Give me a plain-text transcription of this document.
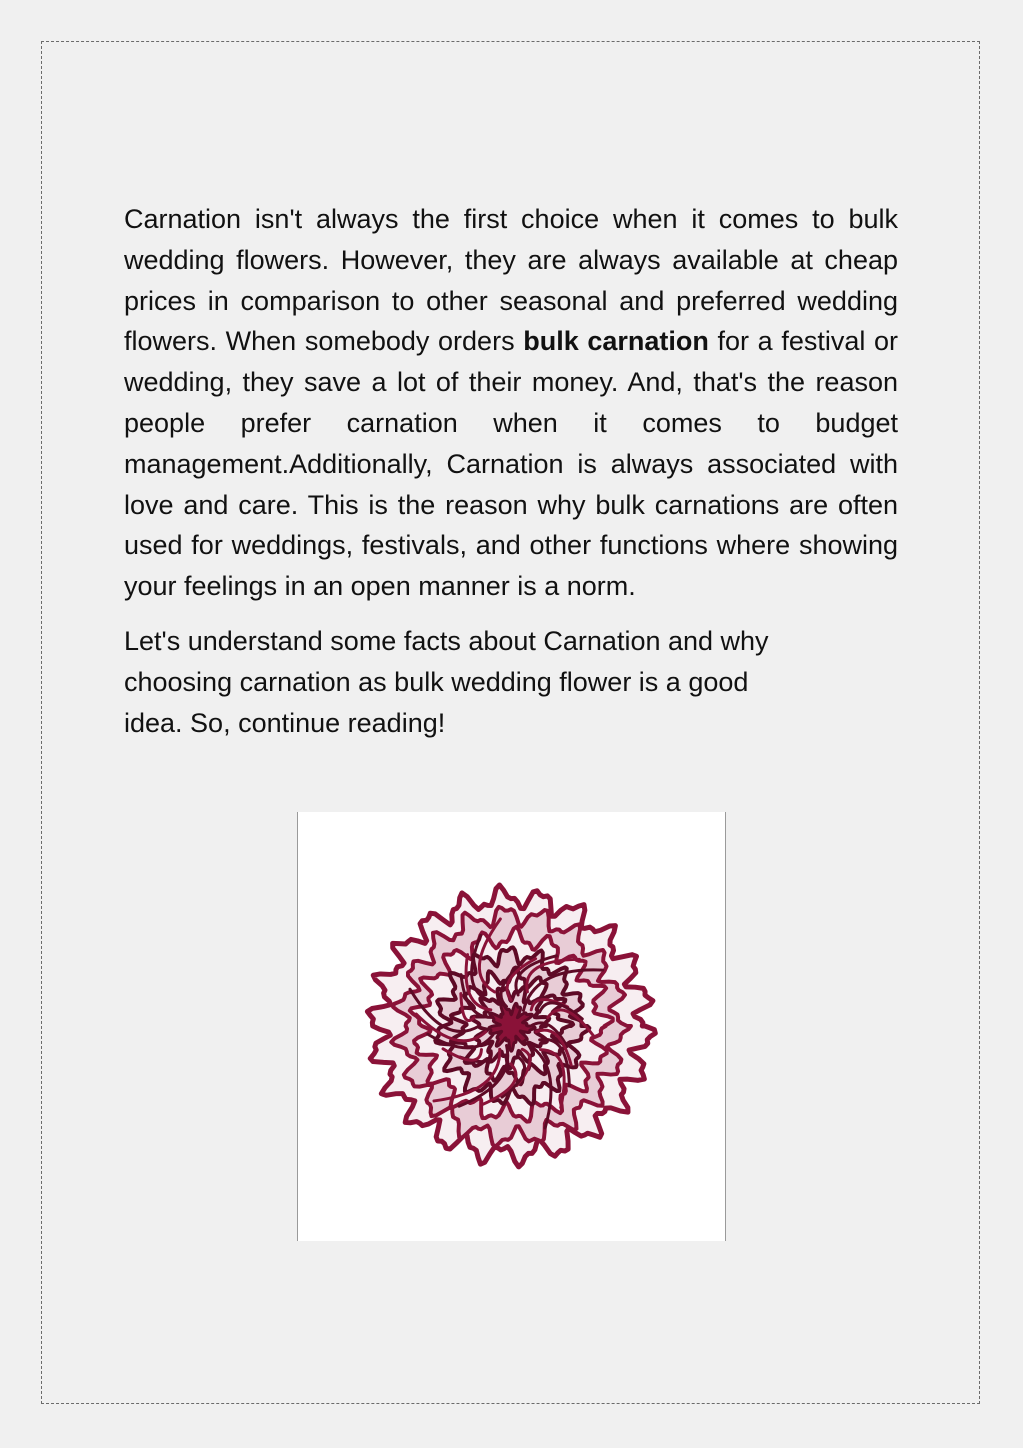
Carnation isn't always the first choice when it comes to bulk wedding flowers. However, they are always available at cheap prices in comparison to other seasonal and preferred wedding flowers. When somebody orders bulk carnation for a festival or wedding, they save a lot of their money. And, that's the reason people prefer carnation when it comes to budget management.Additionally, Carnation is always associated with love and care. This is the reason why bulk carnations are often used for weddings, festivals, and other functions where showing your feelings in an open manner is a norm.

Let's understand some facts about Carnation and why choosing carnation as bulk wedding flower is a good idea. So, continue reading!
